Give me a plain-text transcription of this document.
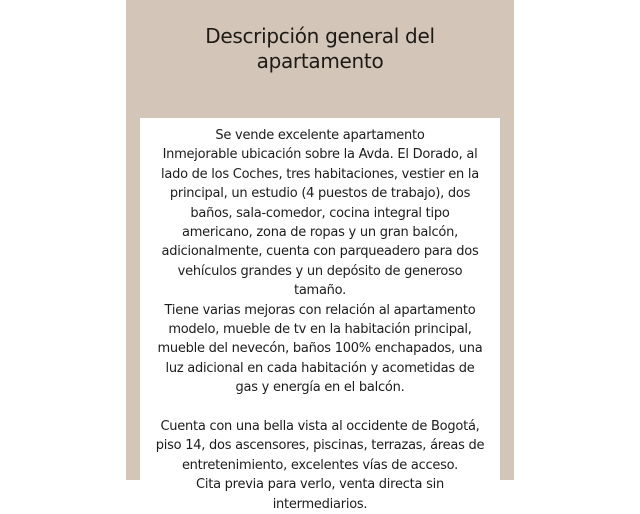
Descripción general del
apartamento
Se vende excelente apartamento
Inmejorable ubicación sobre la Avda. El Dorado, al
lado de los Coches, tres habitaciones, vestier en la
principal, un estudio (4 puestos de trabajo), dos
baños, sala-comedor, cocina integral tipo
americano, zona de ropas y un gran balcón,
adicionalmente, cuenta con parqueadero para dos
vehículos grandes y un depósito de generoso
tamaño.
Tiene varias mejoras con relación al apartamento
modelo, mueble de tv en la habitación principal,
mueble del nevecón, baños 100% enchapados, una
luz adicional en cada habitación y acometidas de
gas y energía en el balcón.
Cuenta con una bella vista al occidente de Bogotá,
piso 14, dos ascensores, piscinas, terrazas, áreas de
entretenimiento, excelentes vías de acceso.
Cita previa para verlo, venta directa sin
intermediarios.
